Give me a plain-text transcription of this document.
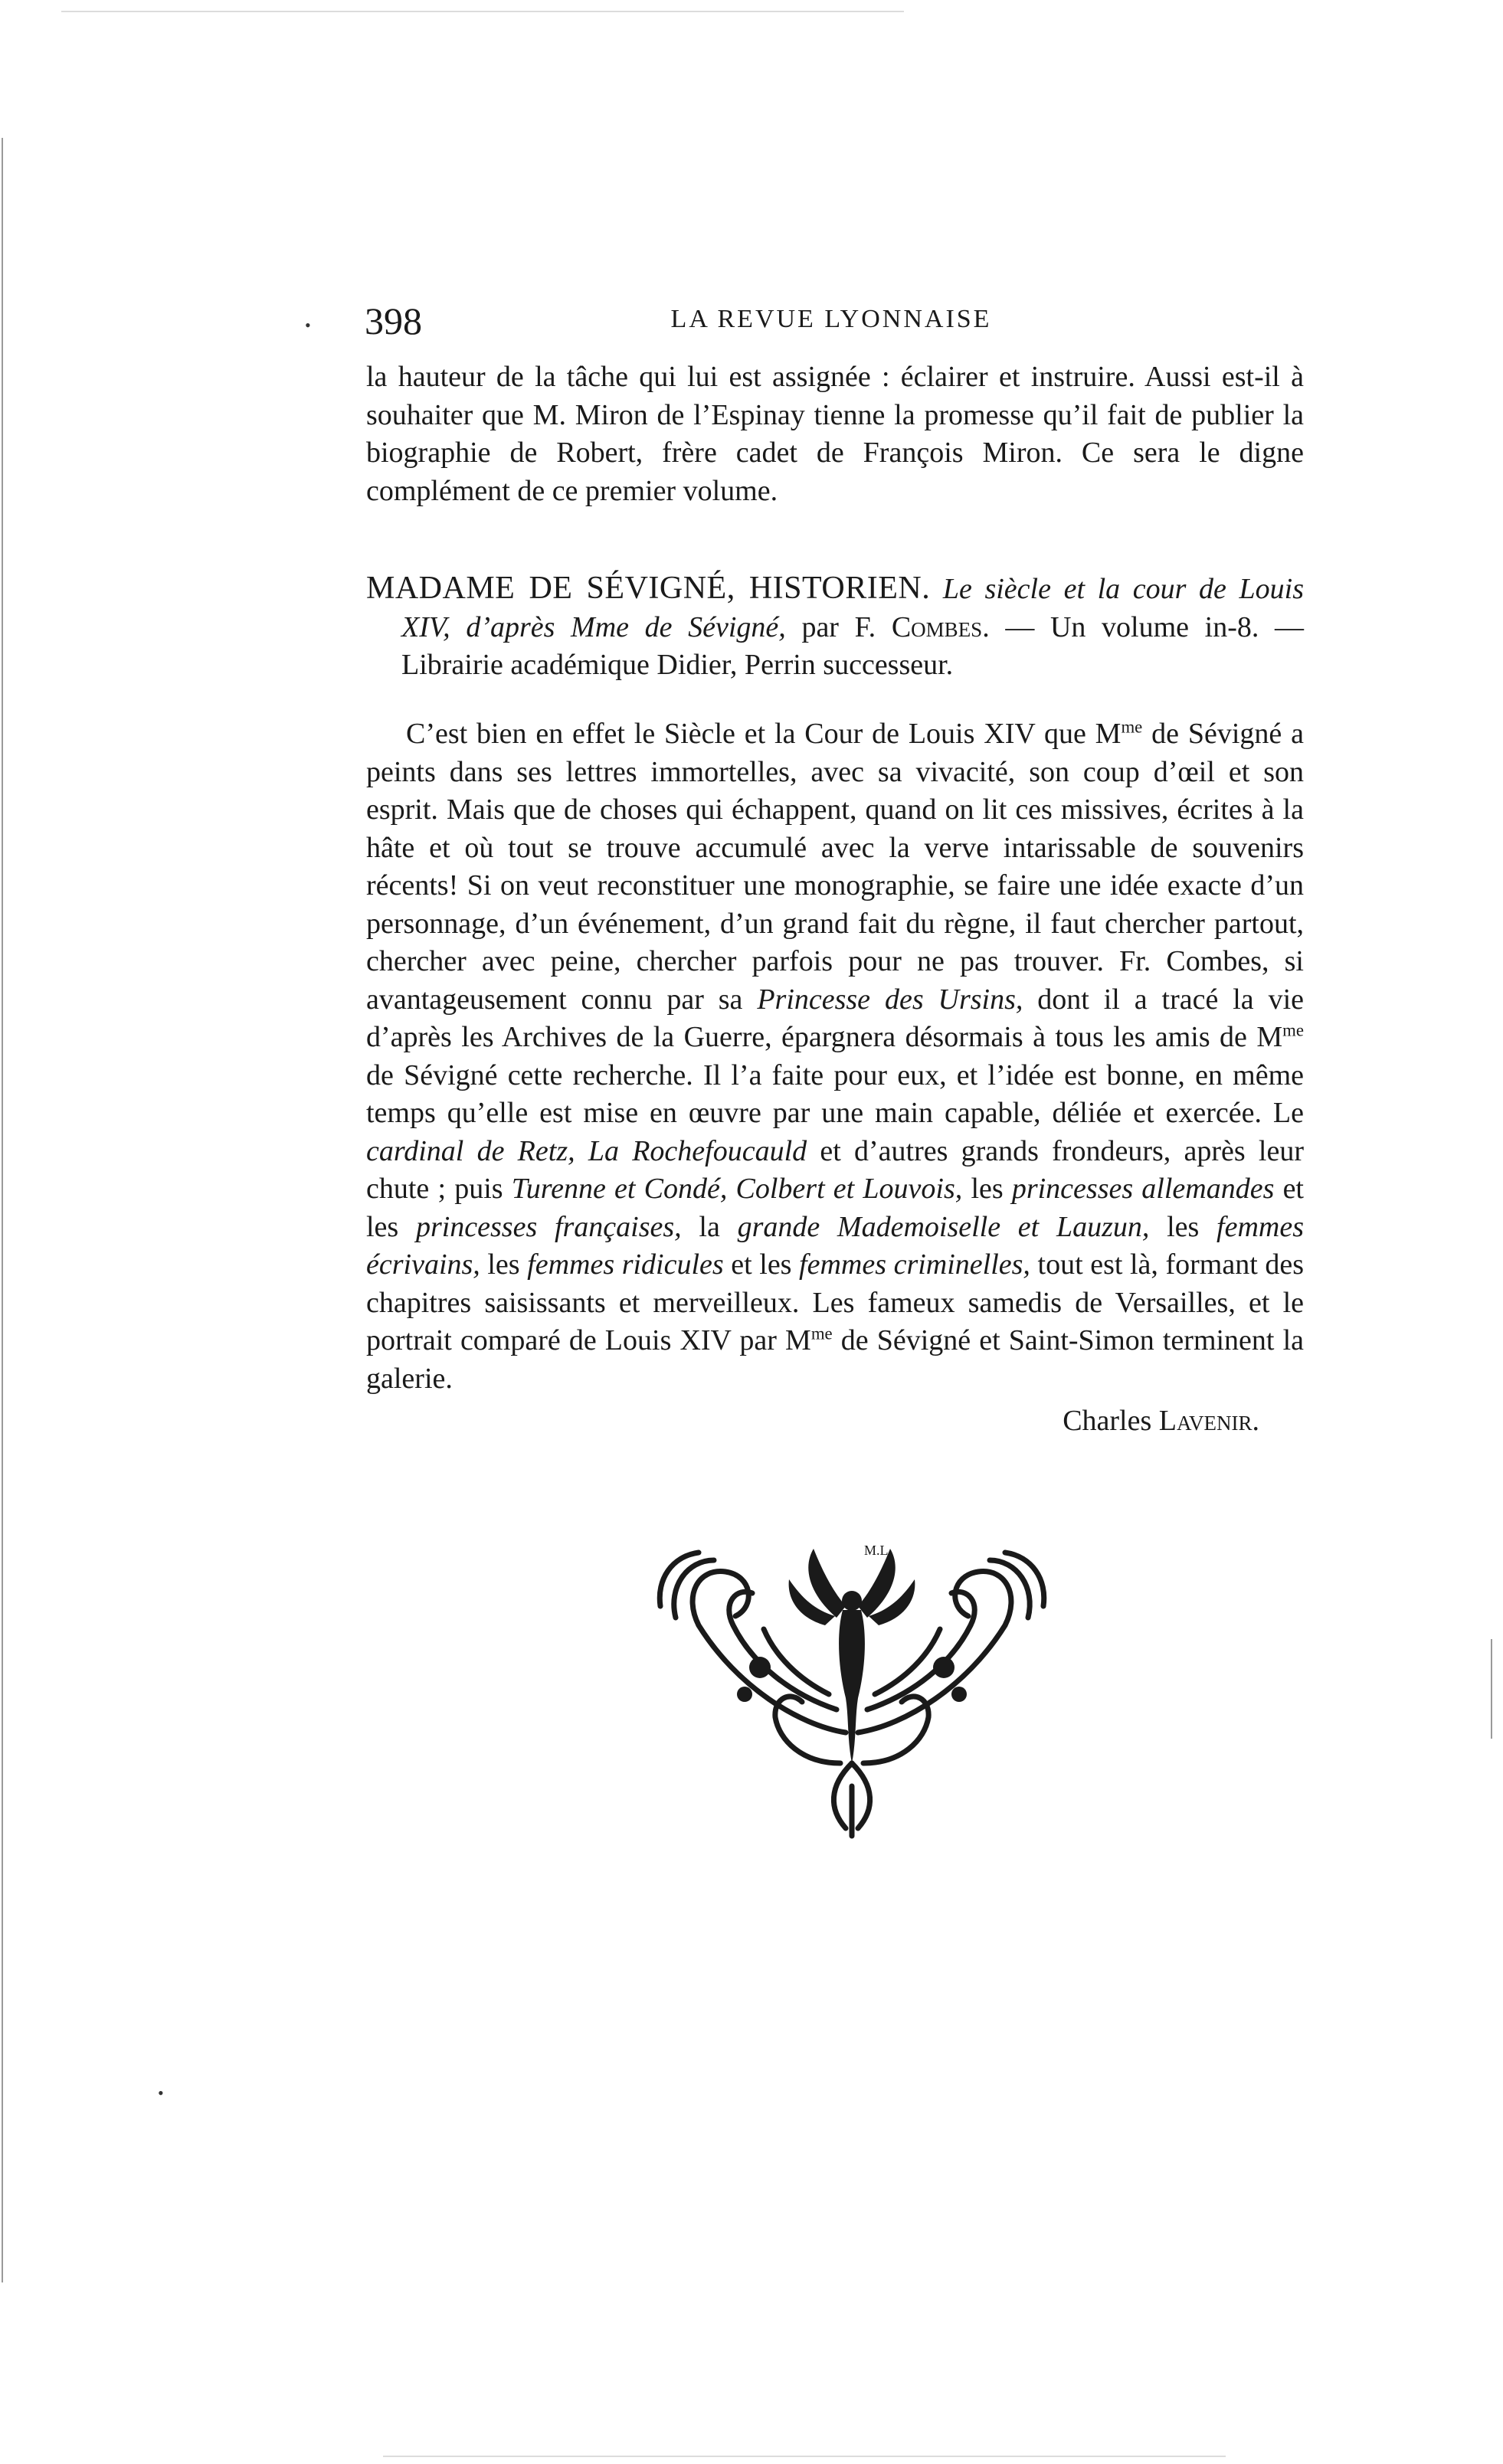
•
•
398	LA REVUE LYONNAISE

la hauteur de la tâche qui lui est assignée : éclairer et instruire. Aussi est-il à souhaiter que M. Miron de l’Espinay tienne la promesse qu’il fait de publier la biographie de Robert, frère cadet de François Miron. Ce sera le digne complément de ce premier volume.

MADAME DE SÉVIGNÉ, HISTORIEN. Le siècle et la cour de Louis XIV, d’après Mme de Sévigné, par F. Combes. — Un volume in-8. — Librairie académique Didier, Perrin successeur.

C’est bien en effet le Siècle et la Cour de Louis XIV que $M^{me}$ de Sévigné a peints dans ses lettres immortelles, avec sa vivacité, son coup d’œil et son esprit. Mais que de choses qui échappent, quand on lit ces missives, écrites à la hâte et où tout se trouve accumulé avec la verve intarissable de souvenirs récents! Si on veut reconstituer une monographie, se faire une idée exacte d’un personnage, d’un événement, d’un grand fait du règne, il faut chercher partout, chercher avec peine, chercher parfois pour ne pas trouver. Fr. Combes, si avantageusement connu par sa Princesse des Ursins, dont il a tracé la vie d’après les Archives de la Guerre, épargnera désormais à tous les amis de $M^{me}$ de Sévigné cette recherche. Il l’a faite pour eux, et l’idée est bonne, en même temps qu’elle est mise en œuvre par une main capable, déliée et exercée. Le cardinal de Retz, La Rochefoucauld et d’autres grands frondeurs, après leur chute ; puis Turenne et Condé, Colbert et Louvois, les princesses allemandes et les princesses françaises, la grande Mademoiselle et Lauzun, les femmes écrivains, les femmes ridicules et les femmes criminelles, tout est là, formant des chapitres saisissants et merveilleux. Les fameux samedis de Versailles, et le portrait comparé de Louis XIV par $M^{me}$ de Sévigné et Saint-Simon terminent la galerie.

Charles Lavenir.

M.L.
